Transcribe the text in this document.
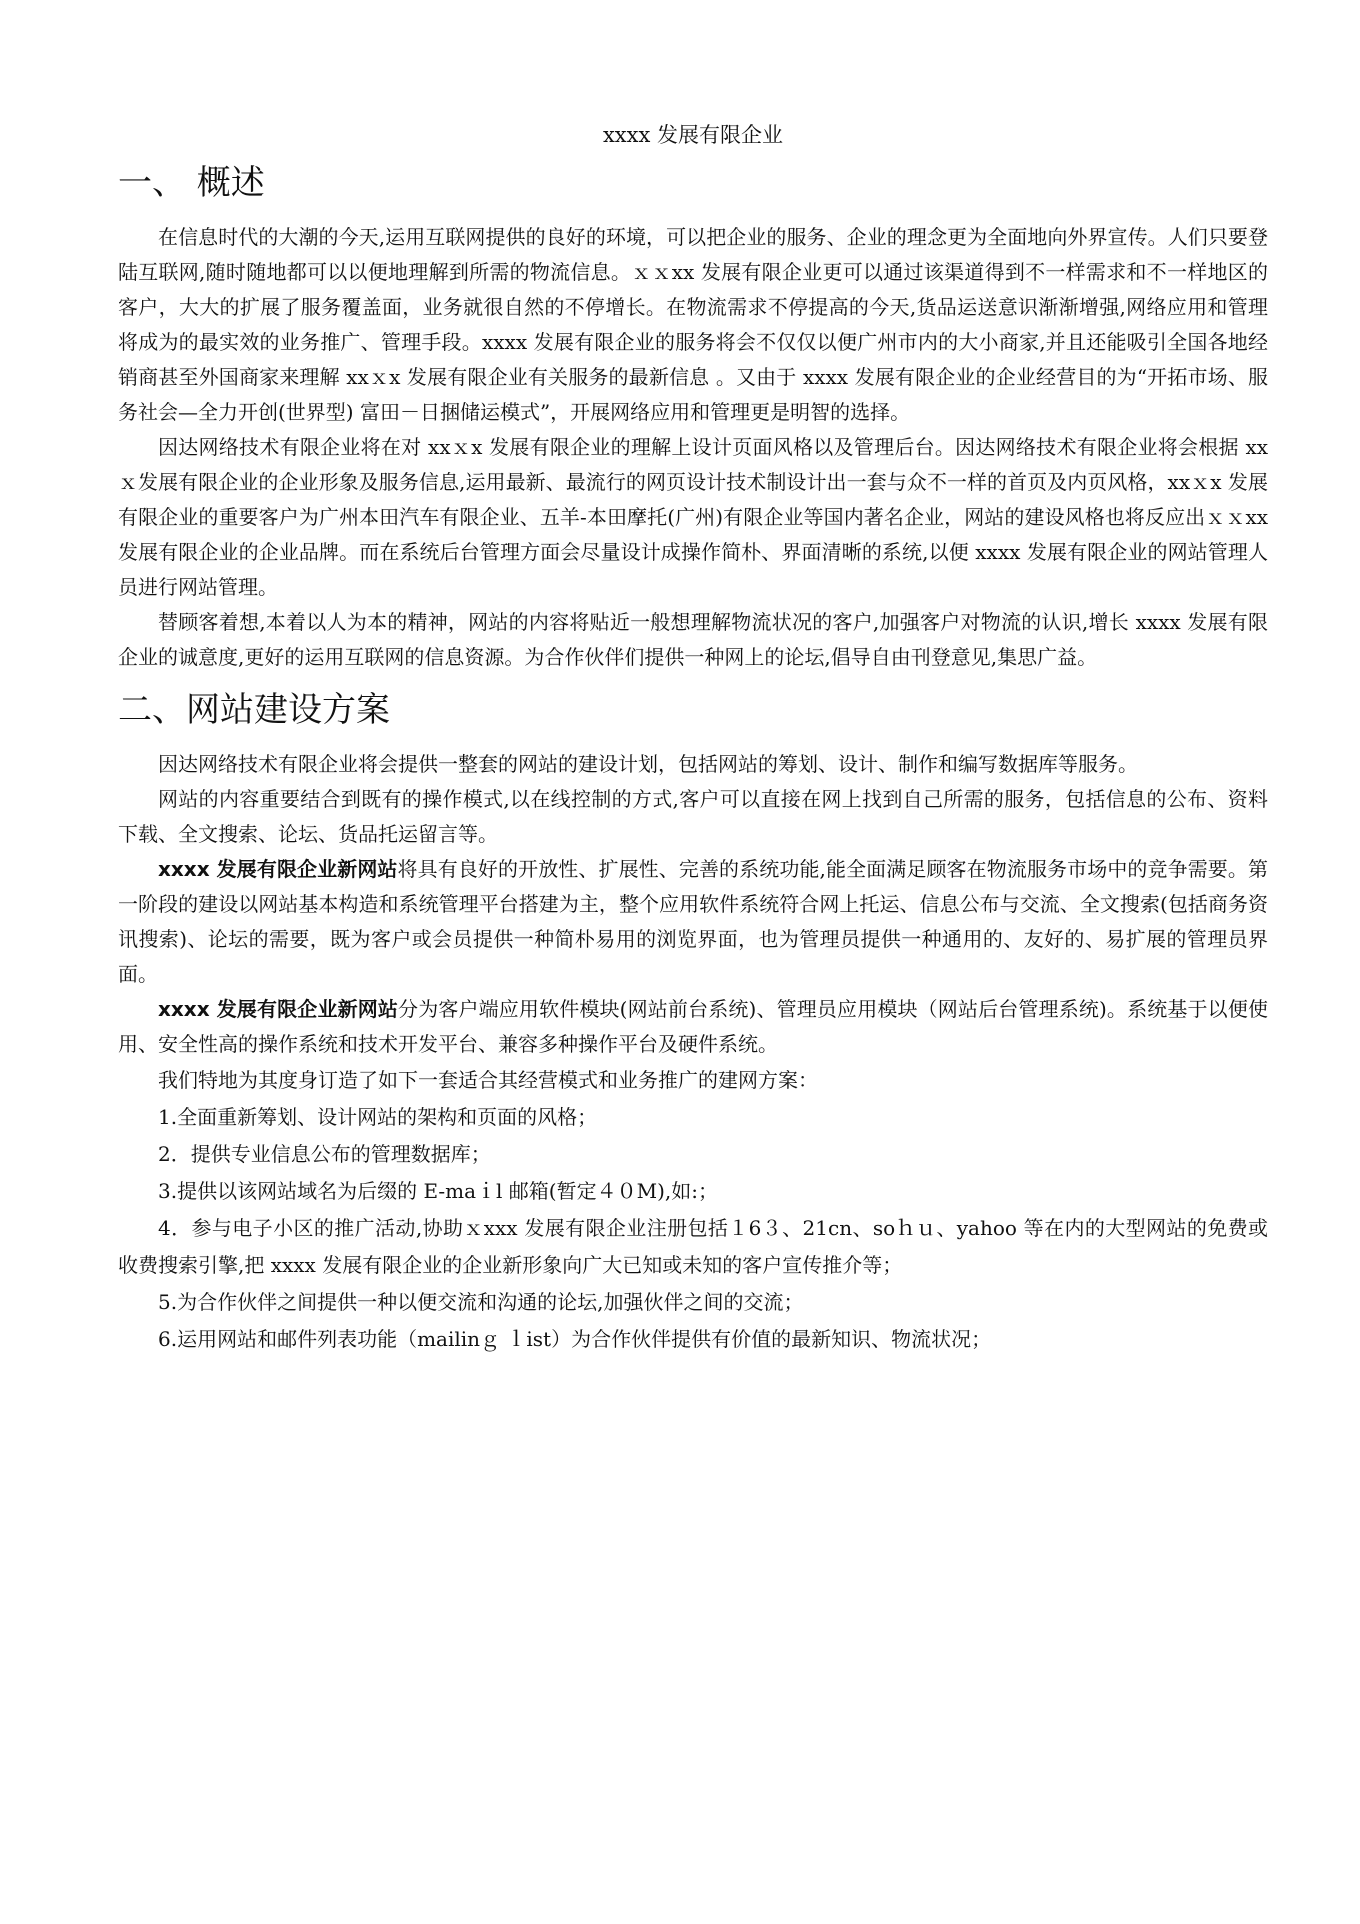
xxxx 发展有限企业
一、 概述

在信息时代的大潮的今天,运用互联网提供的良好的环境，可以把企业的服务、企业的理念更为全面地向外界宣传。人们只要登陆互联网,随时随地都可以以便地理解到所需的物流信息。ｘｘxx 发展有限企业更可以通过该渠道得到不一样需求和不一样地区的客户，大大的扩展了服务覆盖面，业务就很自然的不停增长。在物流需求不停提高的今天,货品运送意识渐渐增强,网络应用和管理将成为的最实效的业务推广、管理手段。xxxx 发展有限企业的服务将会不仅仅以便广州市内的大小商家,并且还能吸引全国各地经销商甚至外国商家来理解 xxｘx 发展有限企业有关服务的最新信息 。又由于 xxxx 发展有限企业的企业经营目的为“开拓市场、服务社会—全力开创(世界型) 富田－日捆储运模式”，开展网络应用和管理更是明智的选择。

因达网络技术有限企业将在对 xxｘx 发展有限企业的理解上设计页面风格以及管理后台。因达网络技术有限企业将会根据 xxｘ发展有限企业的企业形象及服务信息,运用最新、最流行的网页设计技术制设计出一套与众不一样的首页及内页风格，xxｘx 发展有限企业的重要客户为广州本田汽车有限企业、五羊-本田摩托(广州)有限企业等国内著名企业，网站的建设风格也将反应出ｘｘxx 发展有限企业的企业品牌。而在系统后台管理方面会尽量设计成操作简朴、界面清晰的系统,以便 xxxx 发展有限企业的网站管理人员进行网站管理。

替顾客着想,本着以人为本的精神，网站的内容将贴近一般想理解物流状况的客户,加强客户对物流的认识,增长 xxxx 发展有限企业的诚意度,更好的运用互联网的信息资源。为合作伙伴们提供一种网上的论坛,倡导自由刊登意见,集思广益。

二、网站建设方案

因达网络技术有限企业将会提供一整套的网站的建设计划，包括网站的筹划、设计、制作和编写数据库等服务。

网站的内容重要结合到既有的操作模式,以在线控制的方式,客户可以直接在网上找到自己所需的服务，包括信息的公布、资料下载、全文搜索、论坛、货品托运留言等。

xxxx 发展有限企业新网站将具有良好的开放性、扩展性、完善的系统功能,能全面满足顾客在物流服务市场中的竞争需要。第一阶段的建设以网站基本构造和系统管理平台搭建为主，整个应用软件系统符合网上托运、信息公布与交流、全文搜索(包括商务资讯搜索)、论坛的需要，既为客户或会员提供一种简朴易用的浏览界面，也为管理员提供一种通用的、友好的、易扩展的管理员界面。

xxxx 发展有限企业新网站分为客户端应用软件模块(网站前台系统)、管理员应用模块（网站后台管理系统)。系统基于以便使用、安全性高的操作系统和技术开发平台、兼容多种操作平台及硬件系统。

我们特地为其度身订造了如下一套适合其经营模式和业务推广的建网方案：

1.全面重新筹划、设计网站的架构和页面的风格；

2．提供专业信息公布的管理数据库；

3.提供以该网站域名为后缀的 E-maｉl 邮箱(暂定４０M),如:；

4．参与电子小区的推广活动,协助ｘxxx 发展有限企业注册包括１6３、21cn、soｈｕ、yahoo 等在内的大型网站的免费或收费搜索引擎,把 xxxx 发展有限企业的企业新形象向广大已知或未知的客户宣传推介等；

5.为合作伙伴之间提供一种以便交流和沟通的论坛,加强伙伴之间的交流；

6.运用网站和邮件列表功能（mailinｇ ｌist）为合作伙伴提供有价值的最新知识、物流状况；
